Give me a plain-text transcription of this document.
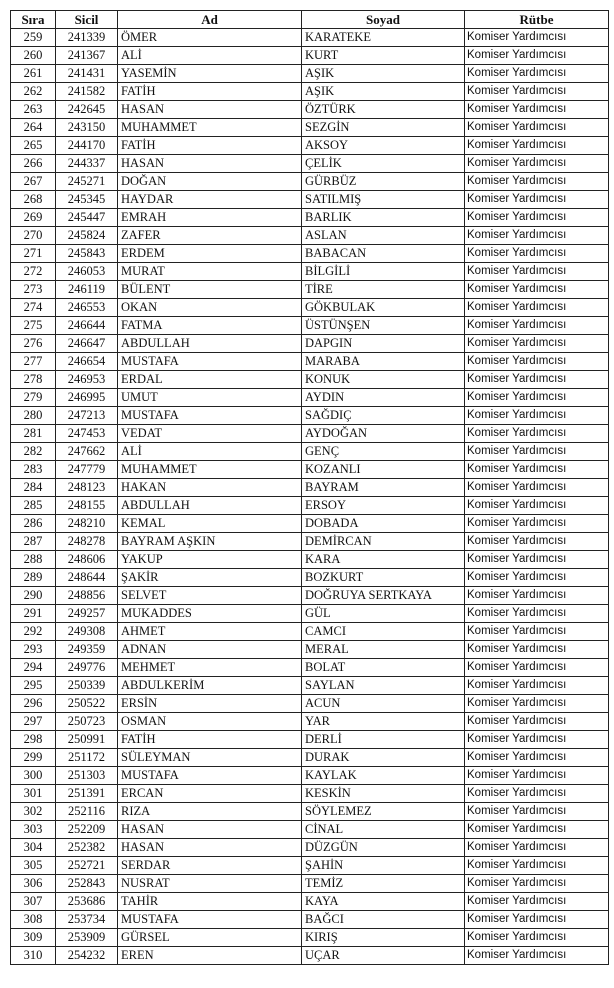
Sıra	Sicil	Ad	Soyad	Rütbe
259	241339	ÖMER	KARATEKE	Komiser Yardımcısı
260	241367	ALİ	KURT	Komiser Yardımcısı
261	241431	YASEMİN	AŞIK	Komiser Yardımcısı
262	241582	FATİH	AŞIK	Komiser Yardımcısı
263	242645	HASAN	ÖZTÜRK	Komiser Yardımcısı
264	243150	MUHAMMET	SEZGİN	Komiser Yardımcısı
265	244170	FATİH	AKSOY	Komiser Yardımcısı
266	244337	HASAN	ÇELİK	Komiser Yardımcısı
267	245271	DOĞAN	GÜRBÜZ	Komiser Yardımcısı
268	245345	HAYDAR	SATILMIŞ	Komiser Yardımcısı
269	245447	EMRAH	BARLIK	Komiser Yardımcısı
270	245824	ZAFER	ASLAN	Komiser Yardımcısı
271	245843	ERDEM	BABACAN	Komiser Yardımcısı
272	246053	MURAT	BİLGİLİ	Komiser Yardımcısı
273	246119	BÜLENT	TİRE	Komiser Yardımcısı
274	246553	OKAN	GÖKBULAK	Komiser Yardımcısı
275	246644	FATMA	ÜSTÜNŞEN	Komiser Yardımcısı
276	246647	ABDULLAH	DAPGIN	Komiser Yardımcısı
277	246654	MUSTAFA	MARABA	Komiser Yardımcısı
278	246953	ERDAL	KONUK	Komiser Yardımcısı
279	246995	UMUT	AYDIN	Komiser Yardımcısı
280	247213	MUSTAFA	SAĞDIÇ	Komiser Yardımcısı
281	247453	VEDAT	AYDOĞAN	Komiser Yardımcısı
282	247662	ALİ	GENÇ	Komiser Yardımcısı
283	247779	MUHAMMET	KOZANLI	Komiser Yardımcısı
284	248123	HAKAN	BAYRAM	Komiser Yardımcısı
285	248155	ABDULLAH	ERSOY	Komiser Yardımcısı
286	248210	KEMAL	DOBADA	Komiser Yardımcısı
287	248278	BAYRAM AŞKIN	DEMİRCAN	Komiser Yardımcısı
288	248606	YAKUP	KARA	Komiser Yardımcısı
289	248644	ŞAKİR	BOZKURT	Komiser Yardımcısı
290	248856	SELVET	DOĞRUYA SERTKAYA	Komiser Yardımcısı
291	249257	MUKADDES	GÜL	Komiser Yardımcısı
292	249308	AHMET	CAMCI	Komiser Yardımcısı
293	249359	ADNAN	MERAL	Komiser Yardımcısı
294	249776	MEHMET	BOLAT	Komiser Yardımcısı
295	250339	ABDULKERİM	SAYLAN	Komiser Yardımcısı
296	250522	ERSİN	ACUN	Komiser Yardımcısı
297	250723	OSMAN	YAR	Komiser Yardımcısı
298	250991	FATİH	DERLİ	Komiser Yardımcısı
299	251172	SÜLEYMAN	DURAK	Komiser Yardımcısı
300	251303	MUSTAFA	KAYLAK	Komiser Yardımcısı
301	251391	ERCAN	KESKİN	Komiser Yardımcısı
302	252116	RIZA	SÖYLEMEZ	Komiser Yardımcısı
303	252209	HASAN	CİNAL	Komiser Yardımcısı
304	252382	HASAN	DÜZGÜN	Komiser Yardımcısı
305	252721	SERDAR	ŞAHİN	Komiser Yardımcısı
306	252843	NUSRAT	TEMİZ	Komiser Yardımcısı
307	253686	TAHİR	KAYA	Komiser Yardımcısı
308	253734	MUSTAFA	BAĞCI	Komiser Yardımcısı
309	253909	GÜRSEL	KIRIŞ	Komiser Yardımcısı
310	254232	EREN	UÇAR	Komiser Yardımcısı
